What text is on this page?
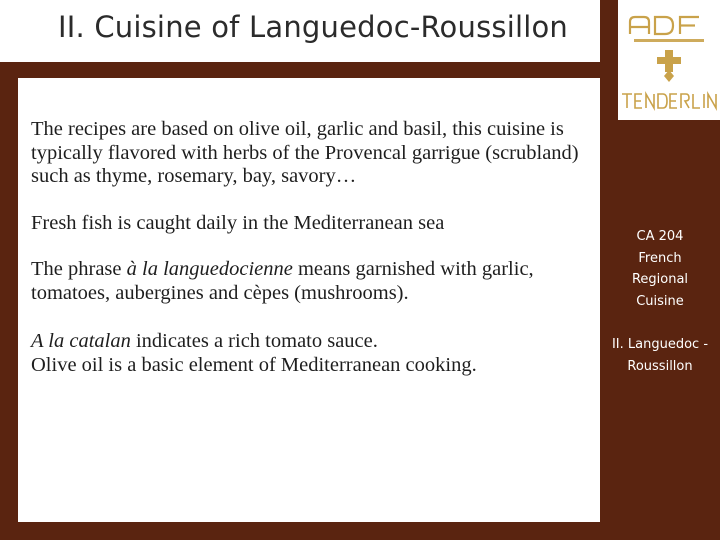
II. Cuisine of Languedoc-Roussillon

The recipes are based on olive oil, garlic and basil, this cuisine is typically flavored with herbs of the Provencal garrigue (scrubland) such as thyme, rosemary, bay, savory…

Fresh fish is caught daily in the Mediterranean sea

The phrase à la languedocienne means garnished with garlic, tomatoes, aubergines and cèpes (mushrooms).

A la catalan indicates a rich tomato sauce.
Olive oil is a basic element of Mediterranean cooking.

CA 204
French
Regional
Cuisine
II. Languedoc -
Roussillon
